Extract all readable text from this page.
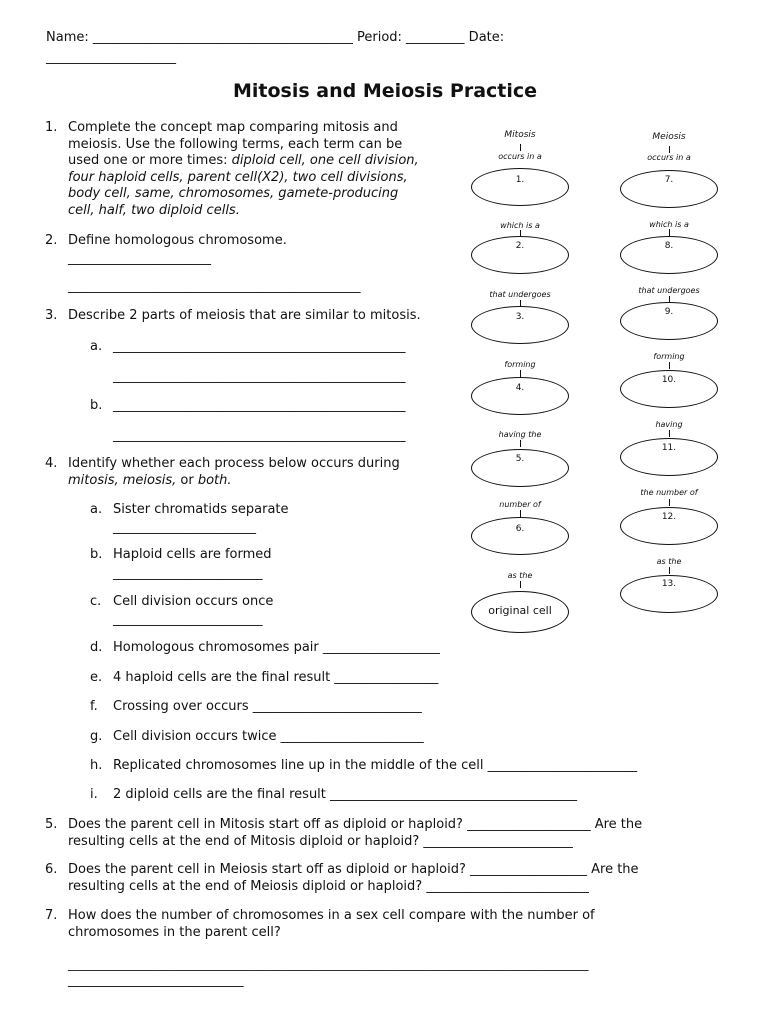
Name: ________________________________________ Period: _________ Date:
____________________
Mitosis and Meiosis Practice
1. Complete the concept map comparing mitosis and
meiosis. Use the following terms, each term can be
used one or more times: diploid cell, one cell division,
four haploid cells, parent cell(X2), two cell divisions,
body cell, same, chromosomes, gamete-producing
cell, half, two diploid cells.
2. Define homologous chromosome.
______________________
_____________________________________________
3. Describe 2 parts of meiosis that are similar to mitosis.
a. _____________________________________________
_____________________________________________
b. _____________________________________________
_____________________________________________
4. Identify whether each process below occurs during
mitosis, meiosis, or both.
a. Sister chromatids separate
______________________
b. Haploid cells are formed
_______________________
c. Cell division occurs once
_______________________
d. Homologous chromosomes pair __________________
e. 4 haploid cells are the final result ________________
f. Crossing over occurs __________________________
g. Cell division occurs twice ______________________
h. Replicated chromosomes line up in the middle of the cell _______________________
i. 2 diploid cells are the final result ______________________________________
5. Does the parent cell in Mitosis start off as diploid or haploid? ___________________ Are the
resulting cells at the end of Mitosis diploid or haploid? _______________________
6. Does the parent cell in Meiosis start off as diploid or haploid? __________________ Are the
resulting cells at the end of Meiosis diploid or haploid? _________________________
7. How does the number of chromosomes in a sex cell compare with the number of
chromosomes in the parent cell?
____________________________________________________________________________________
___________________________
Mitosis
occurs in a
1.
which is a
2.
that undergoes
3.
forming
4.
having the
5.
number of
6.
as the
original cell
Meiosis
occurs in a
7.
which is a
8.
that undergoes
9.
forming
10.
having
11.
the number of
12.
as the
13.
